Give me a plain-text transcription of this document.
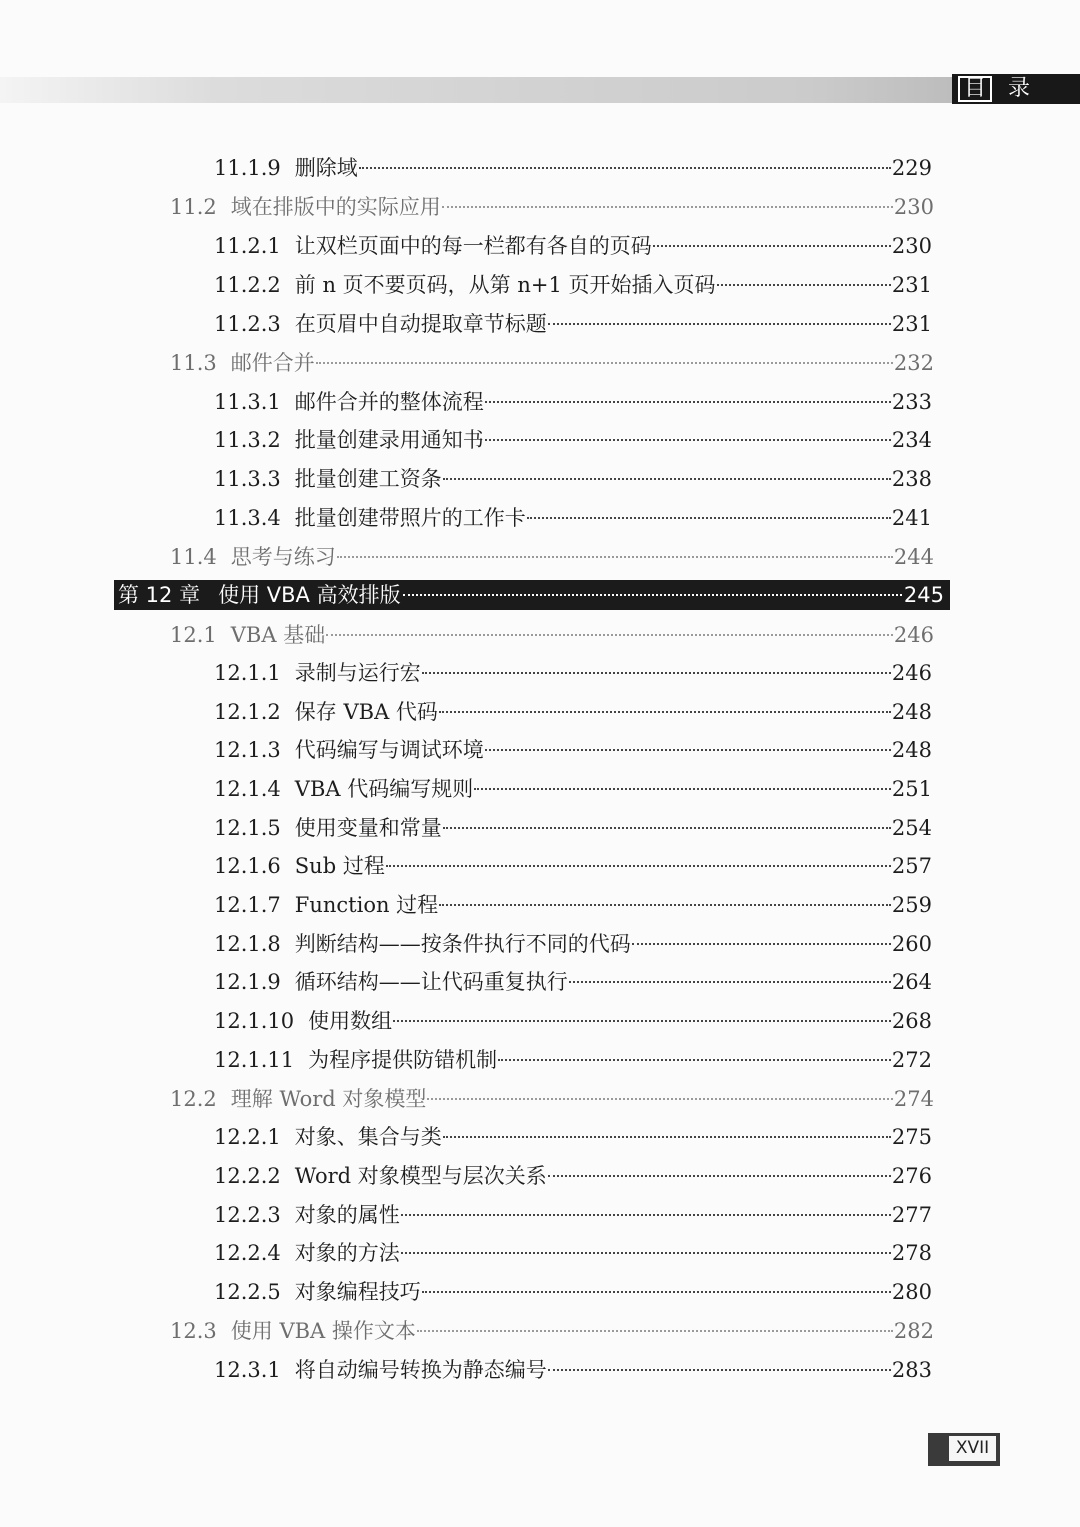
目 录
11.1.9 删除域	229
11.2 域在排版中的实际应用	230
11.2.1 让双栏页面中的每一栏都有各自的页码	230
11.2.2 前 n 页不要页码，从第 n+1 页开始插入页码	231
11.2.3 在页眉中自动提取章节标题	231
11.3 邮件合并	232
11.3.1 邮件合并的整体流程	233
11.3.2 批量创建录用通知书	234
11.3.3 批量创建工资条	238
11.3.4 批量创建带照片的工作卡	241
11.4 思考与练习	244
第 12 章 使用 VBA 高效排版	245
12.1 VBA 基础	246
12.1.1 录制与运行宏	246
12.1.2 保存 VBA 代码	248
12.1.3 代码编写与调试环境	248
12.1.4 VBA 代码编写规则	251
12.1.5 使用变量和常量	254
12.1.6 Sub 过程	257
12.1.7 Function 过程	259
12.1.8 判断结构——按条件执行不同的代码	260
12.1.9 循环结构——让代码重复执行	264
12.1.10 使用数组	268
12.1.11 为程序提供防错机制	272
12.2 理解 Word 对象模型	274
12.2.1 对象、集合与类	275
12.2.2 Word 对象模型与层次关系	276
12.2.3 对象的属性	277
12.2.4 对象的方法	278
12.2.5 对象编程技巧	280
12.3 使用 VBA 操作文本	282
12.3.1 将自动编号转换为静态编号	283
XVII
